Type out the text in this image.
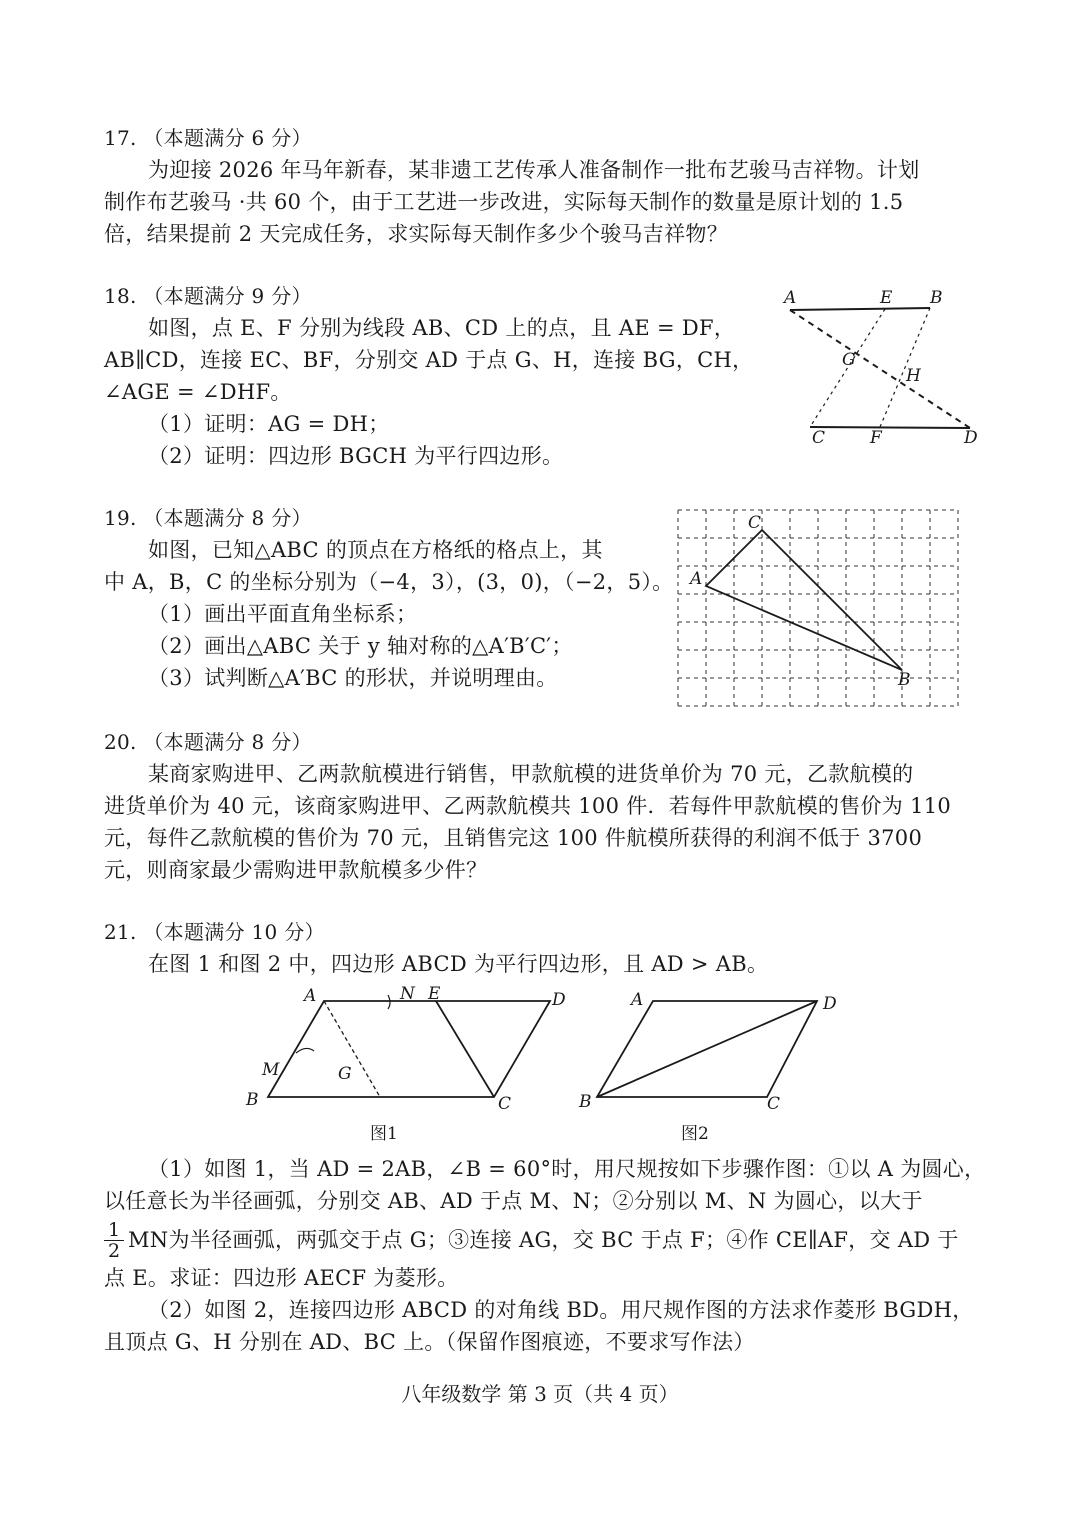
17. （本题满分 6 分）
为迎接 2026 年马年新春，某非遗工艺传承人准备制作一批布艺骏马吉祥物。计划
制作布艺骏马 ·共 60 个，由于工艺进一步改进，实际每天制作的数量是原计划的 1.5
倍，结果提前 2 天完成任务，求实际每天制作多少个骏马吉祥物？
18. （本题满分 9 分）
如图，点 E、F 分别为线段 AB、CD 上的点，且 AE = DF，
AB∥CD，连接 EC、BF，分别交 AD 于点 G、H，连接 BG，CH，
∠AGE = ∠DHF。
（1）证明：AG = DH；
（2）证明：四边形 BGCH 为平行四边形。
A	E B
G
H
C	F	D
19. （本题满分 8 分）
如图，已知△ABC 的顶点在方格纸的格点上，其
中 A，B，C 的坐标分别为（−4，3），(3，0)，（−2，5）。
（1）画出平面直角坐标系；
（2）画出△ABC 关于 y 轴对称的△A′B′C′；
（3）试判断△A′BC 的形状，并说明理由。
C
A
B
20. （本题满分 8 分）
某商家购进甲、乙两款航模进行销售，甲款航模的进货单价为 70 元，乙款航模的
进货单价为 40 元，该商家购进甲、乙两款航模共 100 件．若每件甲款航模的售价为 110
元，每件乙款航模的售价为 70 元，且销售完这 100 件航模所获得的利润不低于 3700
元，则商家最少需购进甲款航模多少件？
21. （本题满分 10 分）
在图 1 和图 2 中，四边形 ABCD 为平行四边形，且 AD > AB。
A	N E	D
M	G
B	C
图1
A	D
B	C
图2
（1）如图 1，当 AD = 2AB，∠B = 60°时，用尺规按如下步骤作图：①以 A 为圆心，
以任意长为半径画弧，分别交 AB、AD 于点 M、N；②分别以 M、N 为圆心，以大于
$\frac{1}{2}$ MN为半径画弧，两弧交于点 G；③连接 AG，交 BC 于点 F；④作 CE∥AF，交 AD 于
点 E。求证：四边形 AECF 为菱形。
（2）如图 2，连接四边形 ABCD 的对角线 BD。用尺规作图的方法求作菱形 BGDH，
且顶点 G、H 分别在 AD、BC 上。（保留作图痕迹，不要求写作法）
八年级数学 第 3 页（共 4 页）
